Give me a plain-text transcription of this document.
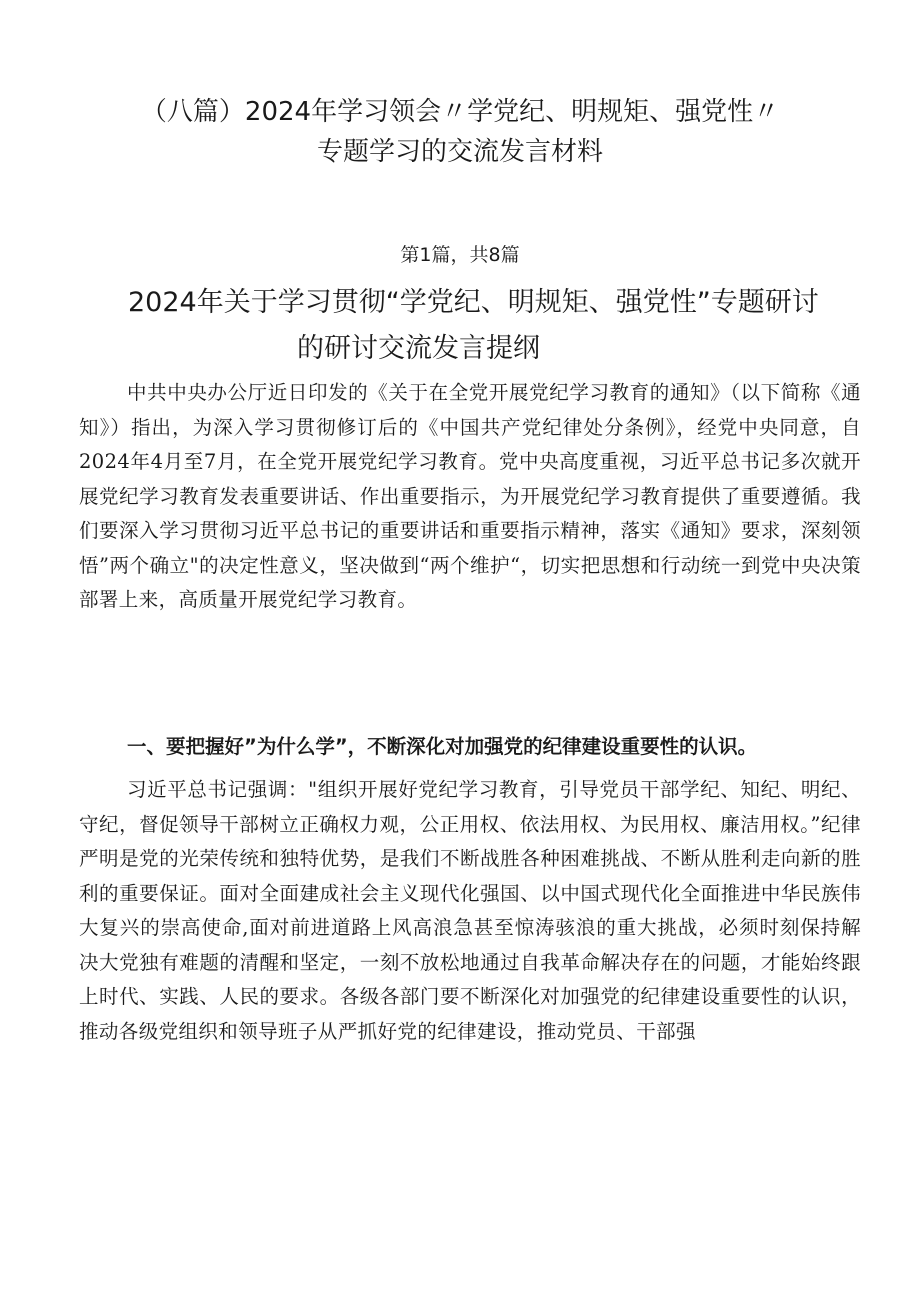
（八篇）2024年学习领会〃学党纪、明规矩、强党性〃
专题学习的交流发言材料
第1篇，共8篇
2024年关于学习贯彻“学党纪、明规矩、强党性”专题研讨
的研讨交流发言提纲

中共中央办公厅近日印发的《关于在全党开展党纪学习教育的通知》（以下简称《通知》）指出，为深入学习贯彻修订后的《中国共产党纪律处分条例》，经党中央同意，自2024年4月至7月，在全党开展党纪学习教育。党中央高度重视，习近平总书记多次就开展党纪学习教育发表重要讲话、作出重要指示，为开展党纪学习教育提供了重要遵循。我们要深入学习贯彻习近平总书记的重要讲话和重要指示精神，落实《通知》要求，深刻领悟”两个确立"的决定性意义，坚决做到“两个维护“，切实把思想和行动统一到党中央决策部署上来，高质量开展党纪学习教育。

一、要把握好”为什么学”，不断深化对加强党的纪律建设重要性的认识。

习近平总书记强调："组织开展好党纪学习教育，引导党员干部学纪、知纪、明纪、守纪，督促领导干部树立正确权力观，公正用权、依法用权、为民用权、廉洁用权。”纪律严明是党的光荣传统和独特优势，是我们不断战胜各种困难挑战、不断从胜利走向新的胜利的重要保证。面对全面建成社会主义现代化强国、以中国式现代化全面推进中华民族伟大复兴的崇高使命,面对前进道路上风高浪急甚至惊涛骇浪的重大挑战，必须时刻保持解决大党独有难题的清醒和坚定，一刻不放松地通过自我革命解决存在的问题，才能始终跟上时代、实践、人民的要求。各级各部门要不断深化对加强党的纪律建设重要性的认识，推动各级党组织和领导班子从严抓好党的纪律建设，推动党员、干部强
